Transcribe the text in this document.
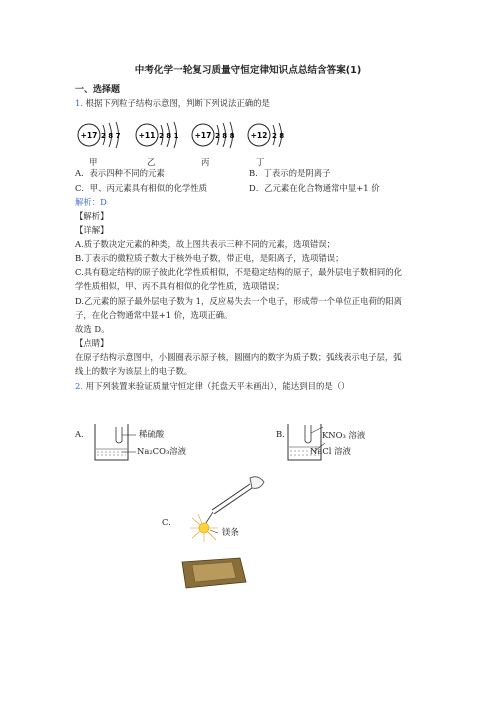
中考化学一轮复习质量守恒定律知识点总结含答案(1)
一、选择题
1. 根据下列粒子结构示意图，判断下列说法正确的是
+17 2 8 7 +11 2 8 1 +17 2 8 8 +12 2 8
甲	乙	丙	丁
A．表示四种不同的元素	B．丁表示的是阴离子
C．甲、丙元素具有相似的化学性质	D．乙元素在化合物通常中显+1 价
解析：D
【解析】
【详解】
A.质子数决定元素的种类，故上图共表示三种不同的元素，选项错误；
B.丁表示的微粒质子数大于核外电子数，带正电，是阳离子，选项错误；
C.具有稳定结构的原子彼此化学性质相似，不是稳定结构的原子，最外层电子数相同的化
学性质相似，甲、丙不具有相似的化学性质，选项错误；
D.乙元素的原子最外层电子数为 1，反应易失去一个电子，形成带一个单位正电荷的阳离
子，在化合物通常中显+1 价，选项正确。
故选 D。
【点睛】
在原子结构示意图中，小圆圈表示原子核，圆圈内的数字为质子数；弧线表示电子层，弧
线上的数字为该层上的电子数。
2. 用下列装置来验证质量守恒定律（托盘天平未画出），能达到目的是（）
A.	稀硫酸
Na₂CO₃溶液
B.	KNO₃ 溶液
NaCl 溶液
C.
镁条
